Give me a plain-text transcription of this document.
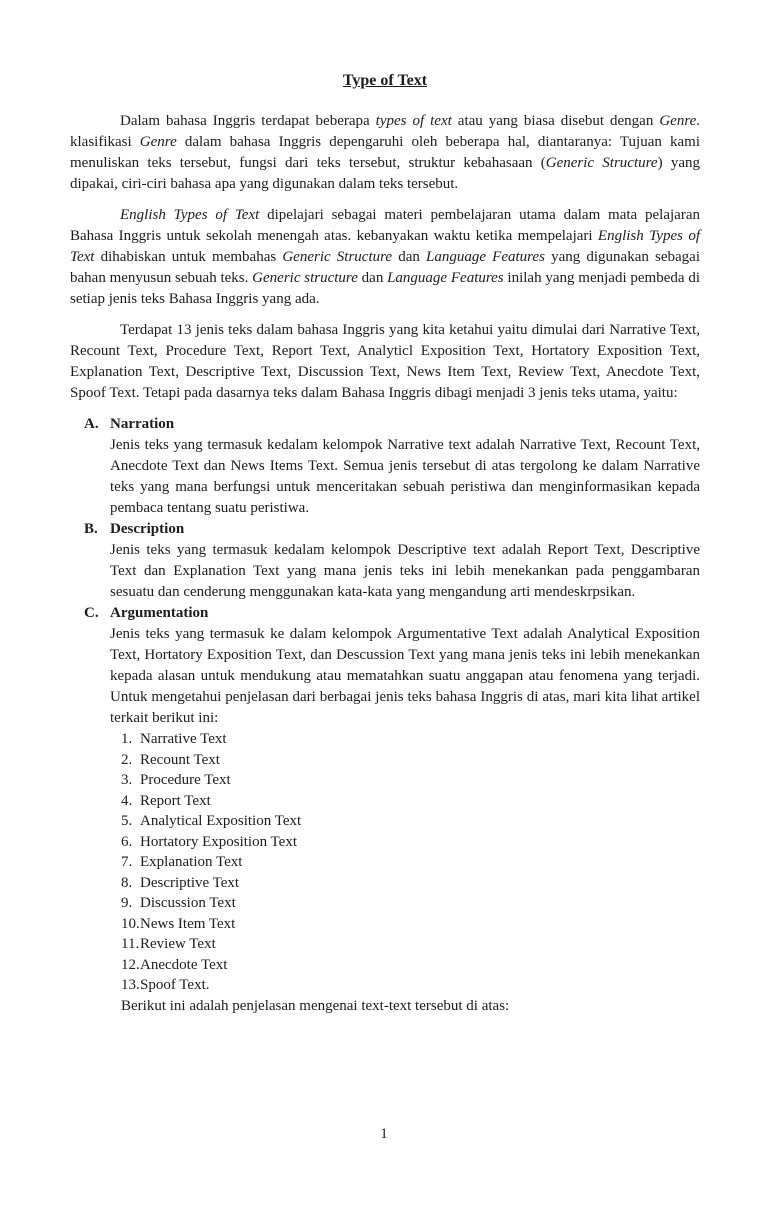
Type of Text

Dalam bahasa Inggris terdapat beberapa types of text atau yang biasa disebut dengan Genre. klasifikasi Genre dalam bahasa Inggris depengaruhi oleh beberapa hal, diantaranya: Tujuan kami menuliskan teks tersebut, fungsi dari teks tersebut, struktur kebahasaan (Generic Structure) yang dipakai, ciri-ciri bahasa apa yang digunakan dalam teks tersebut.

English Types of Text dipelajari sebagai materi pembelajaran utama dalam mata pelajaran Bahasa Inggris untuk sekolah menengah atas. kebanyakan waktu ketika mempelajari English Types of Text dihabiskan untuk membahas Generic Structure dan Language Features yang digunakan sebagai bahan menyusun sebuah teks. Generic structure dan Language Features inilah yang menjadi pembeda di setiap jenis teks Bahasa Inggris yang ada.

Terdapat 13 jenis teks dalam bahasa Inggris yang kita ketahui yaitu dimulai dari Narrative Text, Recount Text, Procedure Text, Report Text, Analyticl Exposition Text, Hortatory Exposition Text, Explanation Text, Descriptive Text, Discussion Text, News Item Text, Review Text, Anecdote Text, Spoof Text. Tetapi pada dasarnya teks dalam Bahasa Inggris dibagi menjadi 3 jenis teks utama, yaitu:

A. Narration

Jenis teks yang termasuk kedalam kelompok Narrative text adalah Narrative Text, Recount Text, Anecdote Text dan News Items Text. Semua jenis tersebut di atas tergolong ke dalam Narrative teks yang mana berfungsi untuk menceritakan sebuah peristiwa dan menginformasikan kepada pembaca tentang suatu peristiwa.

B. Description

Jenis teks yang termasuk kedalam kelompok Descriptive text adalah Report Text, Descriptive Text dan Explanation Text yang mana jenis teks ini lebih menekankan pada penggambaran sesuatu dan cenderung menggunakan kata-kata yang mengandung arti mendeskrpsikan.

C. Argumentation

Jenis teks yang termasuk ke dalam kelompok Argumentative Text adalah Analytical Exposition Text, Hortatory Exposition Text, dan Descussion Text yang mana jenis teks ini lebih menekankan kepada alasan untuk mendukung atau mematahkan suatu anggapan atau fenomena yang terjadi. Untuk mengetahui penjelasan dari berbagai jenis teks bahasa Inggris di atas, mari kita lihat artikel terkait berikut ini:

1. Narrative Text
2. Recount Text
3. Procedure Text
4. Report Text
5. Analytical Exposition Text
6. Hortatory Exposition Text
7. Explanation Text
8. Descriptive Text
9. Discussion Text
10. News Item Text
11. Review Text
12. Anecdote Text
13. Spoof Text.
Berikut ini adalah penjelasan mengenai text-text tersebut di atas:
1
